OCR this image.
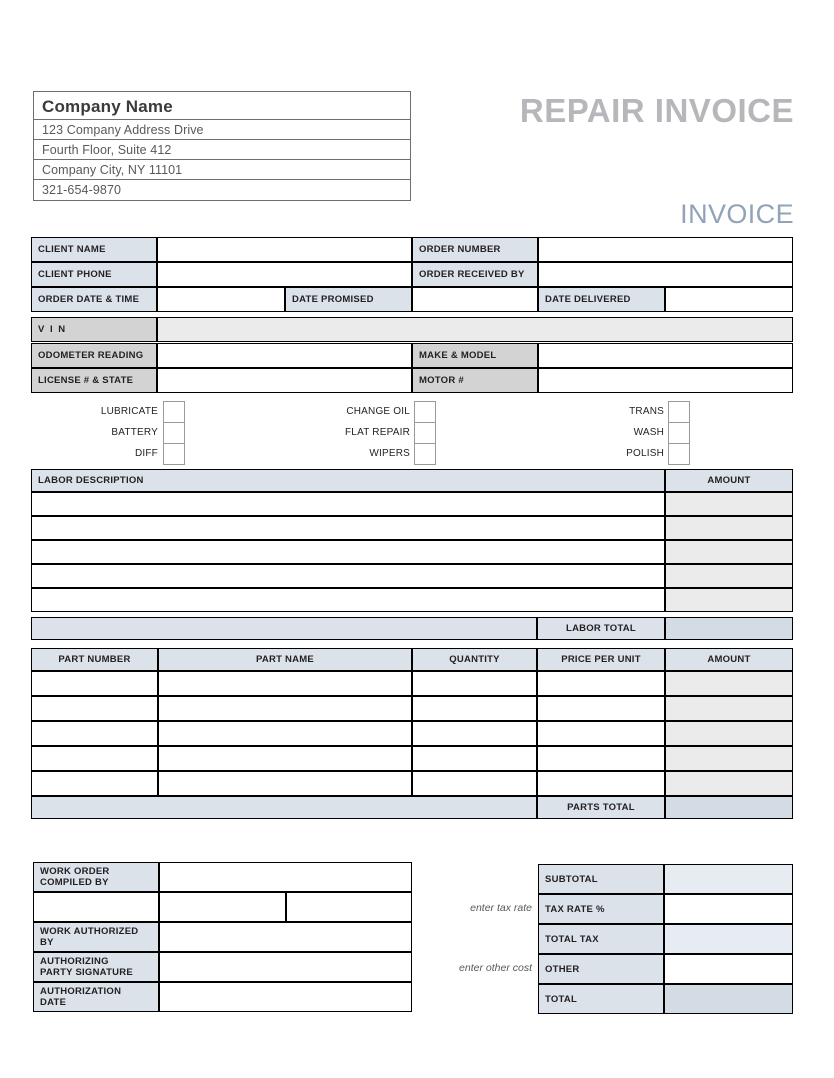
Company Name
123 Company Address Drive
Fourth Floor, Suite 412
Company City, NY 11101
321-654-9870
REPAIR INVOICE
INVOICE
CLIENT NAME	ORDER NUMBER
CLIENT PHONE	ORDER RECEIVED BY
ORDER DATE & TIME	DATE PROMISED	DATE DELIVERED
V I N
ODOMETER READING	MAKE & MODEL
LICENSE # & STATE	MOTOR #
LUBRICATE
BATTERY
DIFF
CHANGE OIL
FLAT REPAIR
WIPERS
TRANS
WASH
POLISH
LABOR DESCRIPTION	AMOUNT
LABOR TOTAL
PART NUMBER	PART NAME	QUANTITY	PRICE PER UNIT	AMOUNT
PARTS TOTAL
WORK ORDER
COMPILED BY
WORK AUTHORIZED
BY
AUTHORIZING
PARTY SIGNATURE
AUTHORIZATION
DATE
SUBTOTAL
enter tax rate	TAX RATE %
TOTAL TAX
enter other cost	OTHER
TOTAL
